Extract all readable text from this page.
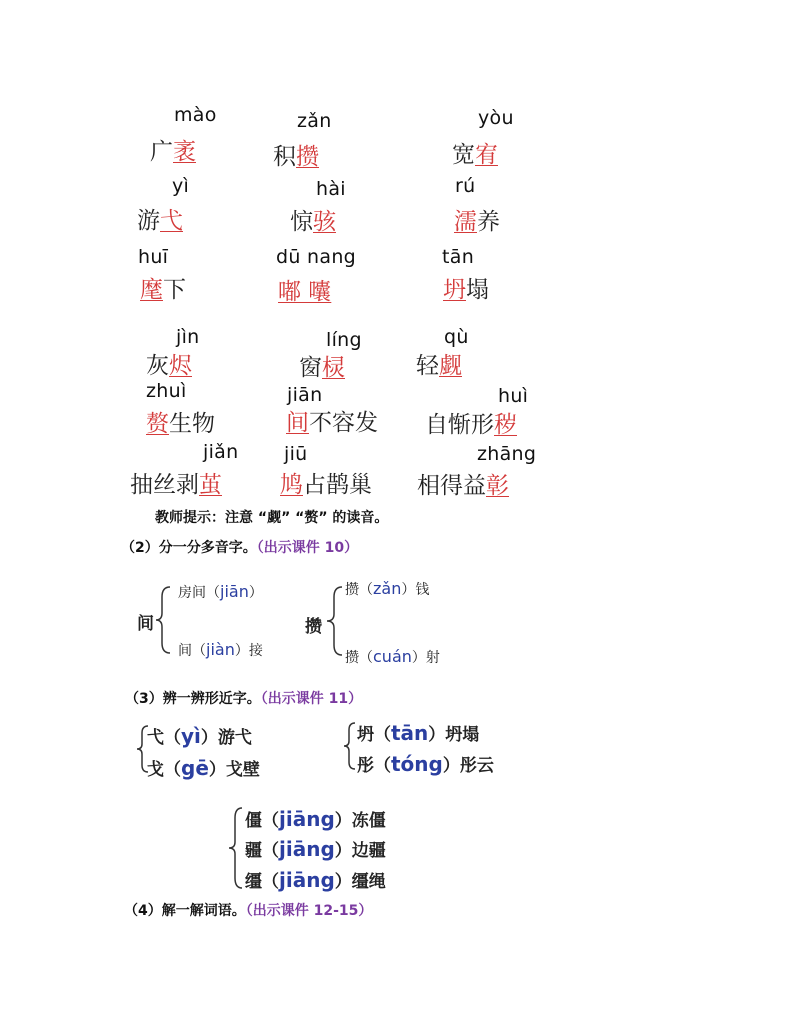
mào
广袤
zǎn
积攒
yòu
宽宥
yì
游弋
hài
惊骇
rú
濡养
huī
麾下
dū nang
嘟 囔
tān
坍塌
jìn
灰烬
líng
窗棂
qù
轻觑
zhuì
赘生物
jiān
间不容发
huì
自惭形秽
jiǎn
抽丝剥茧
jiū
鸠占鹊巢
zhāng
相得益彰
教师提示：注意 “觑” “赘” 的读音。
（2）分一分多音字。（出示课件 10）
间
房间（jiān）
间（jiàn）接
攒
攒（zǎn）钱
攒（cuán）射
（3）辨一辨形近字。（出示课件 11）
弋（yì）游弋
戈（gē）戈壁
坍（tān）坍塌
彤（tóng）彤云
僵（jiāng）冻僵
疆（jiāng）边疆
缰（jiāng）缰绳
（4）解一解词语。（出示课件 12-15）
